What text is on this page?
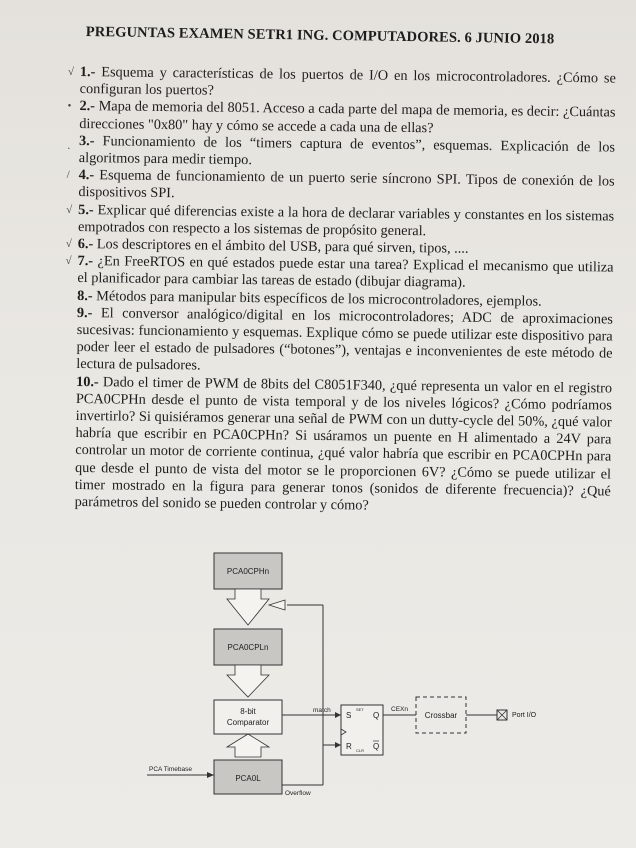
PREGUNTAS EXAMEN SETR1 ING. COMPUTADORES. 6 JUNIO 2018

√ 1.- Esquema y características de los puertos de I/O en los microcontroladores. ¿Cómo se configuran los puertos?

• 2.- Mapa de memoria del 8051. Acceso a cada parte del mapa de memoria, es decir: ¿Cuántas direcciones "0x80" hay y cómo se accede a cada una de ellas?

· 3.- Funcionamiento de los “timers captura de eventos”, esquemas. Explicación de los algoritmos para medir tiempo.

/ 4.- Esquema de funcionamiento de un puerto serie síncrono SPI. Tipos de conexión de los dispositivos SPI.

√ 5.- Explicar qué diferencias existe a la hora de declarar variables y constantes en los sistemas empotrados con respecto a los sistemas de propósito general.

√ 6.- Los descriptores en el ámbito del USB, para qué sirven, tipos, ....

√ 7.- ¿En FreeRTOS en qué estados puede estar una tarea? Explicad el mecanismo que utiliza el planificador para cambiar las tareas de estado (dibujar diagrama).

8.- Métodos para manipular bits específicos de los microcontroladores, ejemplos.

9.- El conversor analógico/digital en los microcontroladores; ADC de aproximaciones sucesivas: funcionamiento y esquemas. Explique cómo se puede utilizar este dispositivo para poder leer el estado de pulsadores (“botones”), ventajas e inconvenientes de este método de lectura de pulsadores.

10.- Dado el timer de PWM de 8bits del C8051F340, ¿qué representa un valor en el registro PCA0CPHn desde el punto de vista temporal y de los niveles lógicos? ¿Cómo podríamos invertirlo? Si quisiéramos generar una señal de PWM con un dutty-cycle del 50%, ¿qué valor habría que escribir en PCA0CPHn? Si usáramos un puente en H alimentado a 24V para controlar un motor de corriente continua, ¿qué valor habría que escribir en PCA0CPHn para que desde el punto de vista del motor se le proporcionen 6V? ¿Cómo se puede utilizar el timer mostrado en la figura para generar tonos (sonidos de diferente frecuencia)? ¿Qué parámetros del sonido se pueden controlar y cómo?

PCA0CPHn
PCA0CPLn
8-bit
Comparator
PCA0L
PCA Timebase
Overflow
match
S
SET
Q
R CLR Q
CEXn
Crossbar	Port I/O
